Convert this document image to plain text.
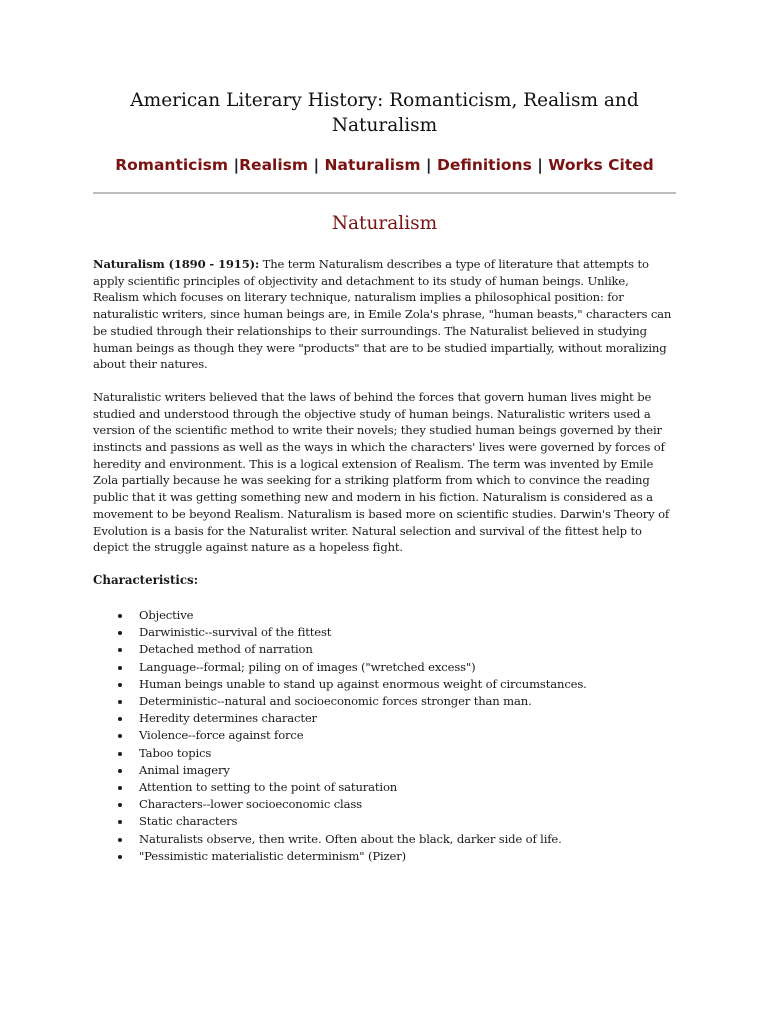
American Literary History: Romanticism, Realism and Naturalism
Romanticism |Realism | Naturalism | Definitions | Works Cited
Naturalism

Naturalism (1890 - 1915): The term Naturalism describes a type of literature that attempts to apply scientific principles of objectivity and detachment to its study of human beings. Unlike, Realism which focuses on literary technique, naturalism implies a philosophical position: for naturalistic writers, since human beings are, in Emile Zola's phrase, "human beasts," characters can be studied through their relationships to their surroundings. The Naturalist believed in studying human beings as though they were "products" that are to be studied impartially, without moralizing about their natures.

Naturalistic writers believed that the laws of behind the forces that govern human lives might be studied and understood through the objective study of human beings. Naturalistic writers used a version of the scientific method to write their novels; they studied human beings governed by their instincts and passions as well as the ways in which the characters' lives were governed by forces of heredity and environment. This is a logical extension of Realism. The term was invented by Emile Zola partially because he was seeking for a striking platform from which to convince the reading public that it was getting something new and modern in his fiction. Naturalism is considered as a movement to be beyond Realism. Naturalism is based more on scientific studies. Darwin's Theory of Evolution is a basis for the Naturalist writer. Natural selection and survival of the fittest help to depict the struggle against nature as a hopeless fight.

Characteristics:
Objective
Darwinistic--survival of the fittest
Detached method of narration
Language--formal; piling on of images ("wretched excess")
Human beings unable to stand up against enormous weight of circumstances.
Deterministic--natural and socioeconomic forces stronger than man.
Heredity determines character
Violence--force against force
Taboo topics
Animal imagery
Attention to setting to the point of saturation
Characters--lower socioeconomic class
Static characters
Naturalists observe, then write. Often about the black, darker side of life.
"Pessimistic materialistic determinism" (Pizer)
